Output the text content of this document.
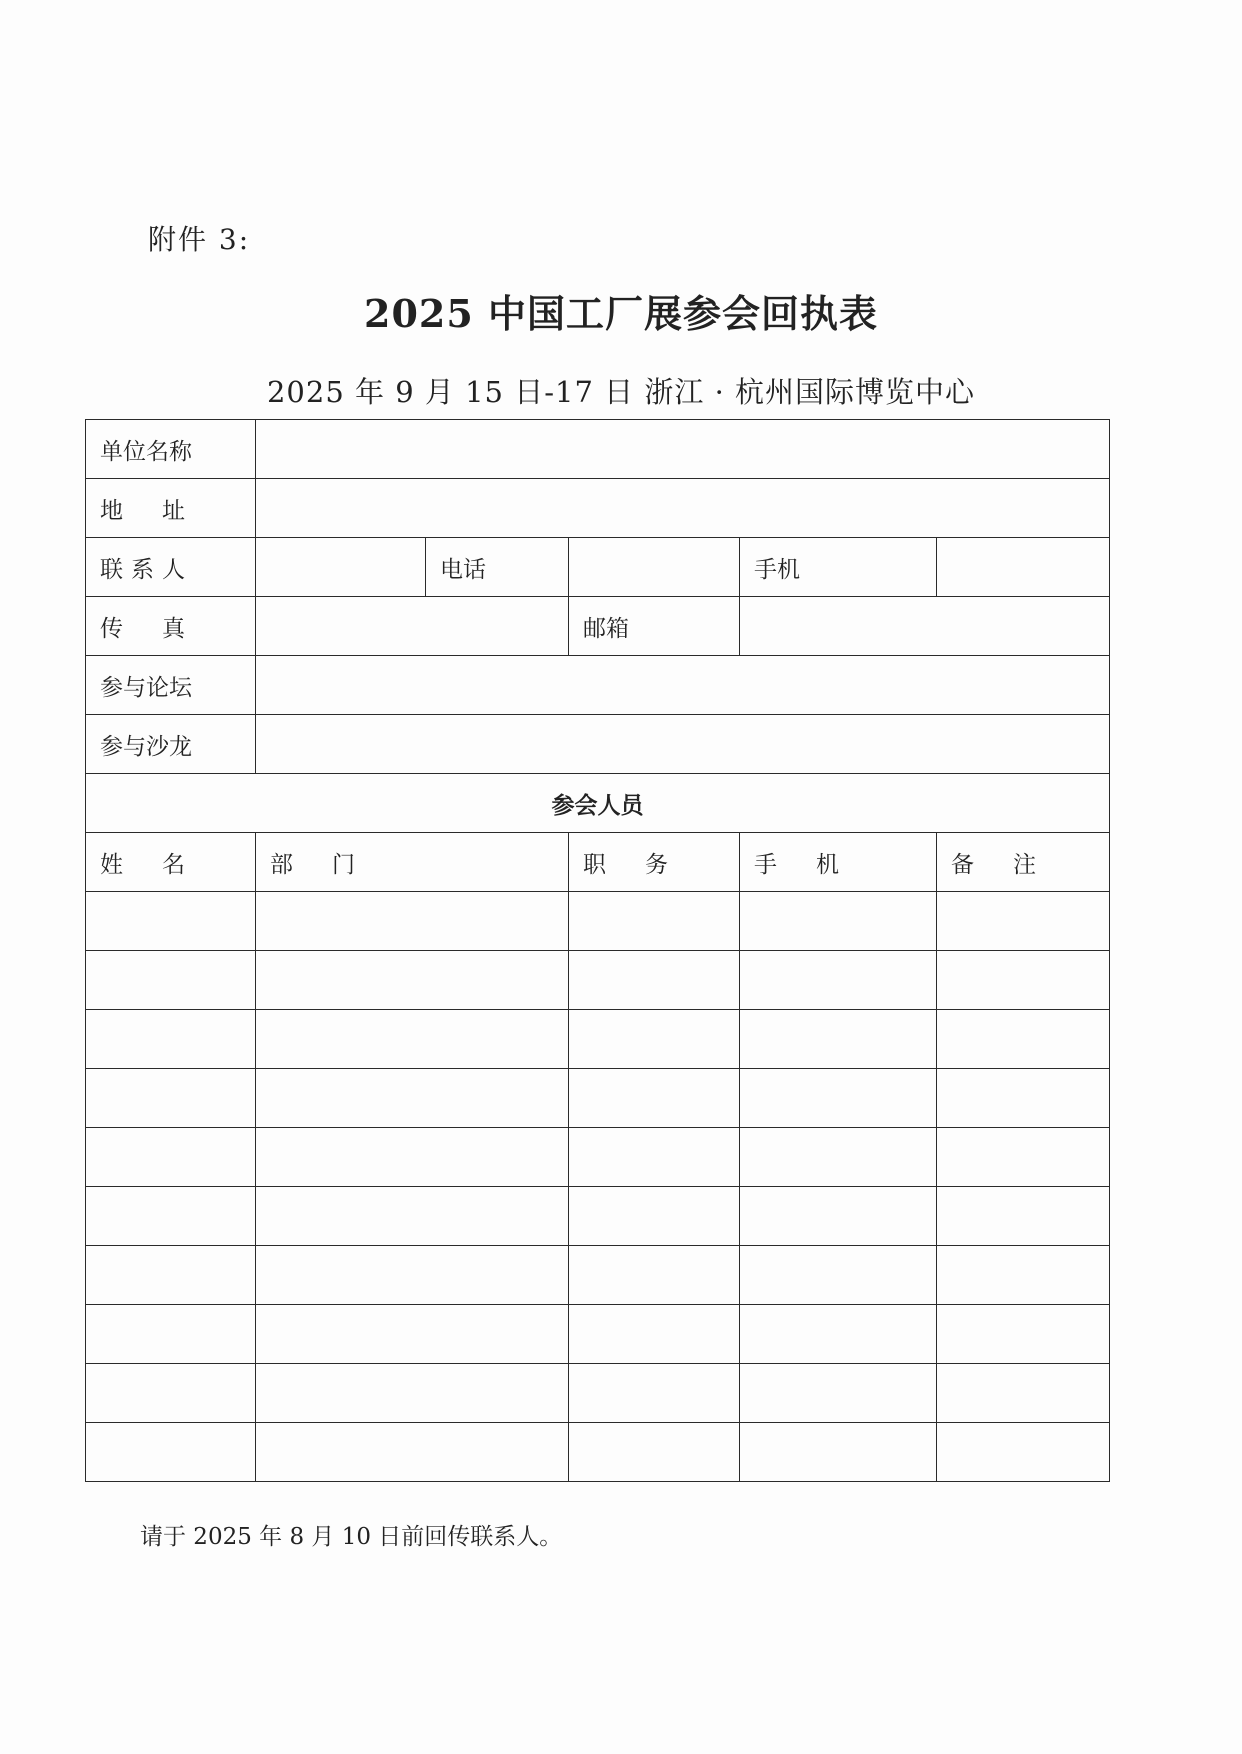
附件 3:
2025 中国工厂展参会回执表
2025 年 9 月 15 日-17 日 浙江 · 杭州国际博览中心
单位名称					
地　址					
联系人		电话		手机	
传　真			邮箱		
参与论坛					
参与沙龙					
参会人员					
姓　名	部　门		职　务	手　机	备　注

请于 2025 年 8 月 10 日前回传联系人。
